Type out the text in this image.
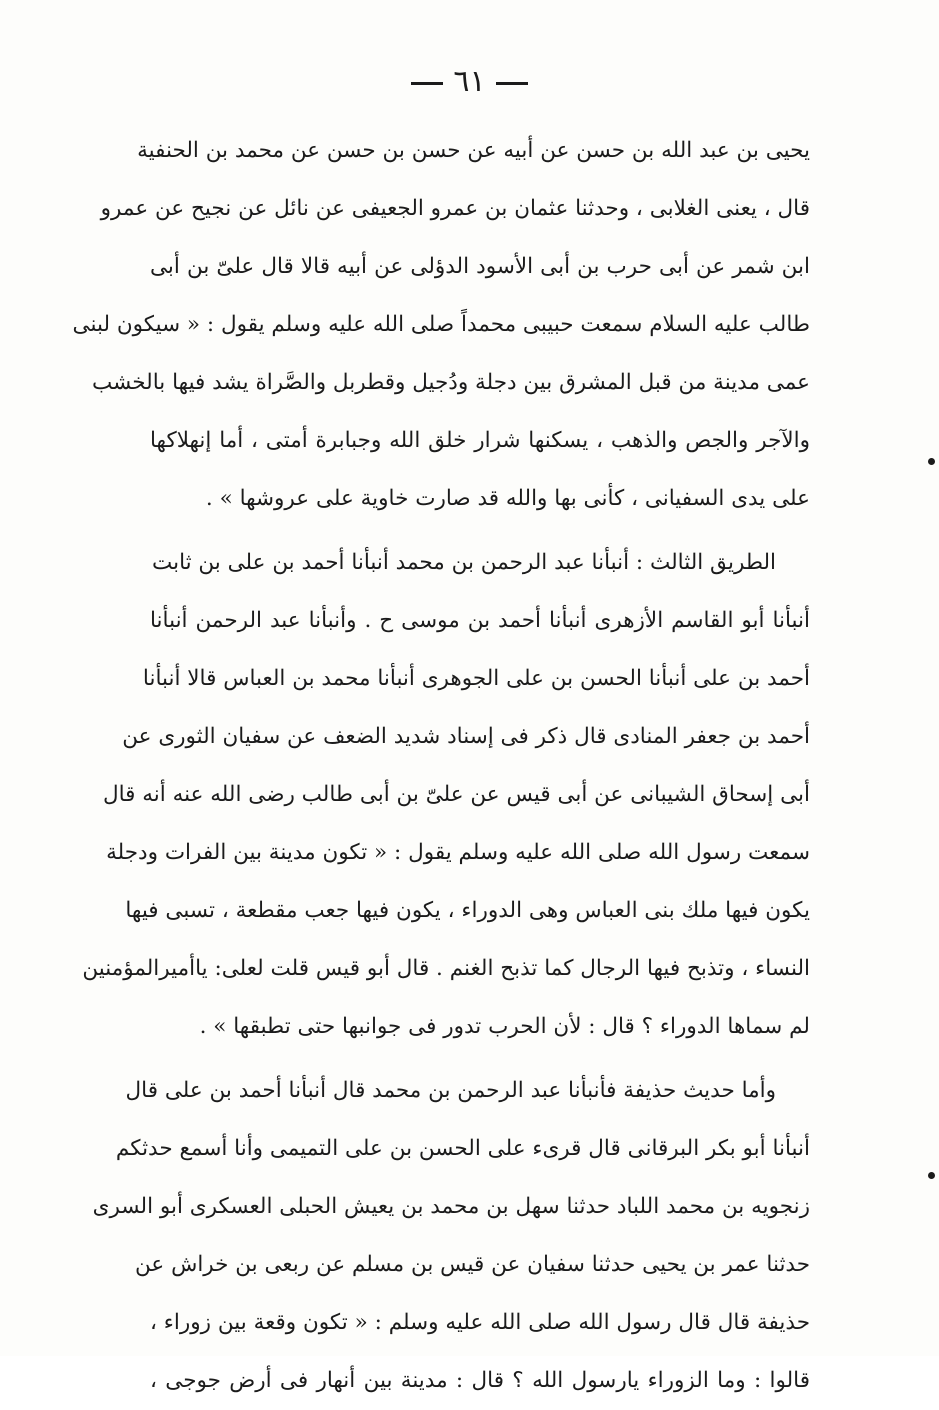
٦١
يحيى بن عبد الله بن حسن عن أبيه عن حسن بن حسن عن محمد بن الحنفية
قال ، يعنى الغلابى ، وحدثنا عثمان بن عمرو الجعيفى عن نائل عن نجيح عن عمرو
ابن شمر عن أبى حرب بن أبى الأسود الدؤلى عن أبيه قالا قال علىّ بن أبى
طالب عليه السلام سمعت حبيبى محمداً صلى الله عليه وسلم يقول : « سيكون لبنى
عمى مدينة من قبل المشرق بين دجلة ودُجيل وقطربل والصَّراة يشد فيها بالخشب
والآجر والجص والذهب ، يسكنها شرار خلق الله وجبابرة أمتى ، أما إنهلاكها
على يدى السفيانى ، كأنى بها والله قد صارت خاوية على عروشها » .
الطريق الثالث : أنبأنا عبد الرحمن بن محمد أنبأنا أحمد بن على بن ثابت
أنبأنا أبو القاسم الأزهرى أنبأنا أحمد بن موسى ح . وأنبأنا عبد الرحمن أنبأنا
أحمد بن على أنبأنا الحسن بن على الجوهرى أنبأنا محمد بن العباس قالا أنبأنا
أحمد بن جعفر المنادى قال ذكر فى إسناد شديد الضعف عن سفيان الثورى عن
أبى إسحاق الشيبانى عن أبى قيس عن علىّ بن أبى طالب رضى الله عنه أنه قال
سمعت رسول الله صلى الله عليه وسلم يقول : « تكون مدينة بين الفرات ودجلة
يكون فيها ملك بنى العباس وهى الدوراء ، يكون فيها جعب مقطعة ، تسبى فيها
النساء ، وتذبح فيها الرجال كما تذبح الغنم . قال أبو قيس قلت لعلى: ياأميرالمؤمنين
لم سماها الدوراء ؟ قال : لأن الحرب تدور فى جوانبها حتى تطبقها » .
وأما حديث حذيفة فأنبأنا عبد الرحمن بن محمد قال أنبأنا أحمد بن على قال
أنبأنا أبو بكر البرقانى قال قرىء على الحسن بن على التميمى وأنا أسمع حدثكم
زنجويه بن محمد اللباد حدثنا سهل بن محمد بن يعيش الحبلى العسكرى أبو السرى
حدثنا عمر بن يحيى حدثنا سفيان عن قيس بن مسلم عن ربعى بن خراش عن
حذيفة قال قال رسول الله صلى الله عليه وسلم : « تكون وقعة بين زوراء ،
قالوا : وما الزوراء يارسول الله ؟ قال : مدينة بين أنهار فى أرض جوجى ،
